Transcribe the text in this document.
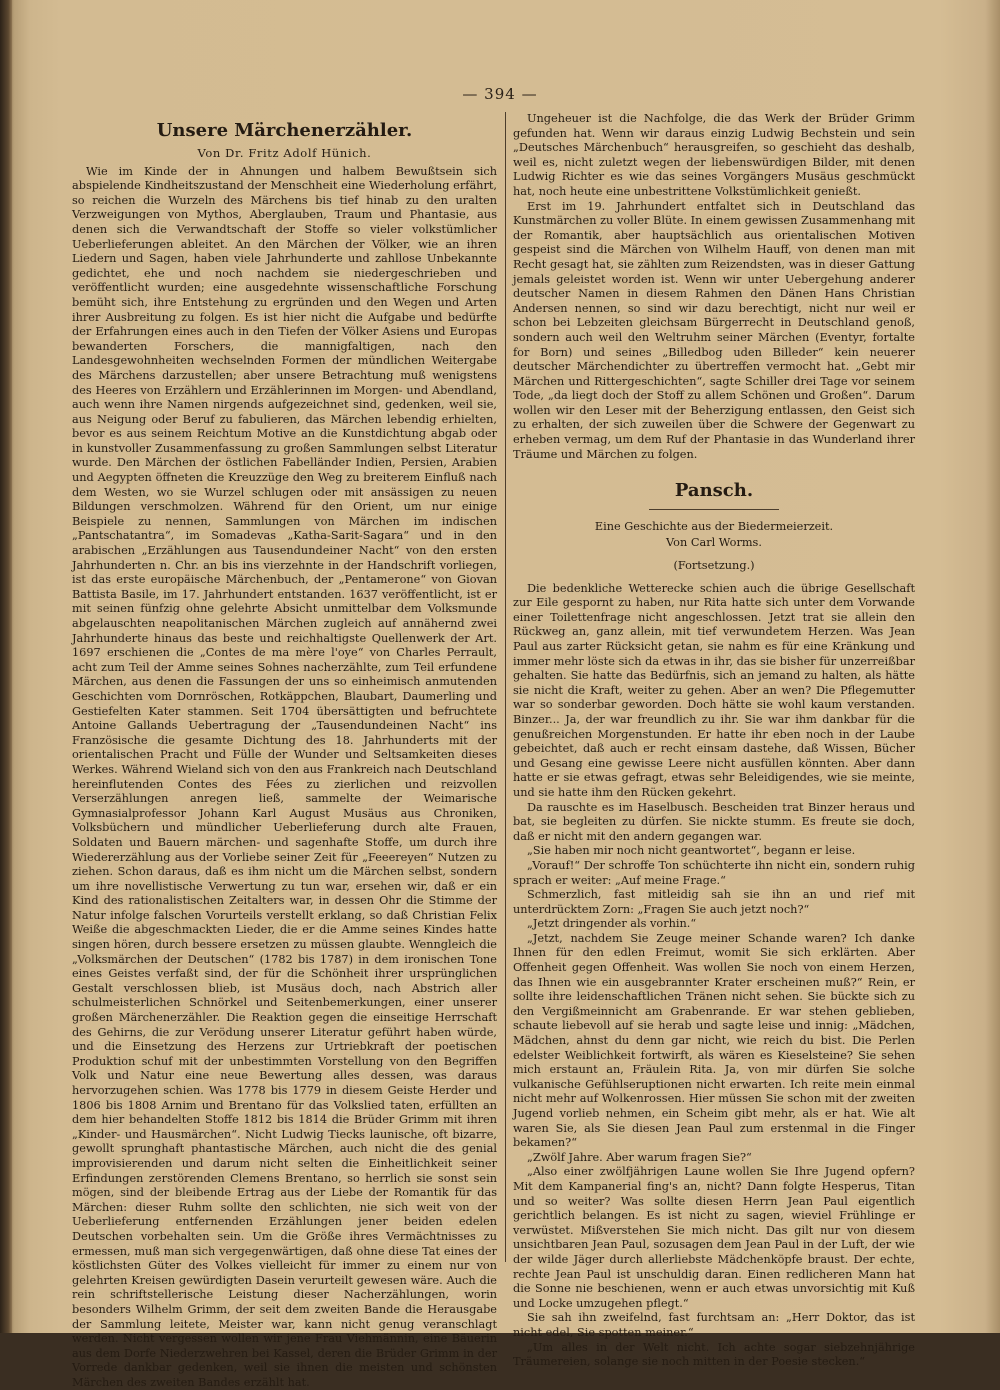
— 394 —
Unsere Märchenerzähler.
Von Dr. Fritz Adolf Hünich.

Wie im Kinde der in Ahnungen und halbem Bewußtsein sich abspielende Kindheitszustand der Menschheit eine Wiederholung erfährt, so reichen die Wurzeln des Märchens bis tief hinab zu den uralten Verzweigungen von Mythos, Aberglauben, Traum und Phantasie, aus denen sich die Verwandtschaft der Stoffe so vieler volkstümlicher Ueberlieferungen ableitet. An den Märchen der Völker, wie an ihren Liedern und Sagen, haben viele Jahrhunderte und zahllose Unbekannte gedichtet, ehe und noch nachdem sie niedergeschrieben und veröffentlicht wurden; eine ausgedehnte wissenschaftliche Forschung bemüht sich, ihre Entstehung zu ergründen und den Wegen und Arten ihrer Ausbreitung zu folgen. Es ist hier nicht die Aufgabe und bedürfte der Erfahrungen eines auch in den Tiefen der Völker Asiens und Europas bewanderten Forschers, die mannigfaltigen, nach den Landesgewohnheiten wechselnden Formen der mündlichen Weitergabe des Märchens darzustellen; aber unsere Betrachtung muß wenigstens des Heeres von Erzählern und Erzählerinnen im Morgen- und Abendland, auch wenn ihre Namen nirgends aufgezeichnet sind, gedenken, weil sie, aus Neigung oder Beruf zu fabulieren, das Märchen lebendig erhielten, bevor es aus seinem Reichtum Motive an die Kunstdichtung abgab oder in kunstvoller Zusammenfassung zu großen Sammlungen selbst Literatur wurde. Den Märchen der östlichen Fabelländer Indien, Persien, Arabien und Aegypten öffneten die Kreuzzüge den Weg zu breiterem Einfluß nach dem Westen, wo sie Wurzel schlugen oder mit ansässigen zu neuen Bildungen verschmolzen. Während für den Orient, um nur einige Beispiele zu nennen, Sammlungen von Märchen im indischen „Pantschatantra“, im Somadevas „Katha-Sarit-Sagara“ und in den arabischen „Erzählungen aus Tausendundeiner Nacht“ von den ersten Jahrhunderten n. Chr. an bis ins vierzehnte in der Handschrift vorliegen, ist das erste europäische Märchenbuch, der „Pentamerone“ von Giovan Battista Basile, im 17. Jahrhundert entstanden. 1637 veröffentlicht, ist er mit seinen fünfzig ohne gelehrte Absicht unmittelbar dem Volksmunde abgelauschten neapolitanischen Märchen zugleich auf annähernd zwei Jahrhunderte hinaus das beste und reichhaltigste Quellenwerk der Art. 1697 erschienen die „Contes de ma mère l'oye“ von Charles Perrault, acht zum Teil der Amme seines Sohnes nacherzählte, zum Teil erfundene Märchen, aus denen die Fassungen der uns so einheimisch anmutenden Geschichten vom Dornröschen, Rotkäppchen, Blaubart, Daumerling und Gestiefelten Kater stammen. Seit 1704 übersättigten und befruchtete Antoine Gallands Uebertragung der „Tausendundeinen Nacht“ ins Französische die gesamte Dichtung des 18. Jahrhunderts mit der orientalischen Pracht und Fülle der Wunder und Seltsamkeiten dieses Werkes. Während Wieland sich von den aus Frankreich nach Deutschland hereinflutenden Contes des Fées zu zierlichen und reizvollen Verserzählungen anregen ließ, sammelte der Weimarische Gymnasialprofessor Johann Karl August Musäus aus Chroniken, Volksbüchern und mündlicher Ueberlieferung durch alte Frauen, Soldaten und Bauern märchen- und sagenhafte Stoffe, um durch ihre Wiedererzählung aus der Vorliebe seiner Zeit für „Feeereyen“ Nutzen zu ziehen. Schon daraus, daß es ihm nicht um die Märchen selbst, sondern um ihre novellistische Verwertung zu tun war, ersehen wir, daß er ein Kind des rationalistischen Zeitalters war, in dessen Ohr die Stimme der Natur infolge falschen Vorurteils verstellt erklang, so daß Christian Felix Weiße die abgeschmackten Lieder, die er die Amme seines Kindes hatte singen hören, durch bessere ersetzen zu müssen glaubte. Wenngleich die „Volksmärchen der Deutschen“ (1782 bis 1787) in dem ironischen Tone eines Geistes verfaßt sind, der für die Schönheit ihrer ursprünglichen Gestalt verschlossen blieb, ist Musäus doch, nach Abstrich aller schulmeisterlichen Schnörkel und Seitenbemerkungen, einer unserer großen Märchenerzähler. Die Reaktion gegen die einseitige Herrschaft des Gehirns, die zur Verödung unserer Literatur geführt haben würde, und die Einsetzung des Herzens zur Urtriebkraft der poetischen Produktion schuf mit der unbestimmten Vorstellung von den Begriffen Volk und Natur eine neue Bewertung alles dessen, was daraus hervorzugehen schien. Was 1778 bis 1779 in diesem Geiste Herder und 1806 bis 1808 Arnim und Brentano für das Volkslied taten, erfüllten an dem hier behandelten Stoffe 1812 bis 1814 die Brüder Grimm mit ihren „Kinder- und Hausmärchen“. Nicht Ludwig Tiecks launische, oft bizarre, gewollt sprunghaft phantastische Märchen, auch nicht die des genial improvisierenden und darum nicht selten die Einheitlichkeit seiner Erfindungen zerstörenden Clemens Brentano, so herrlich sie sonst sein mögen, sind der bleibende Ertrag aus der Liebe der Romantik für das Märchen: dieser Ruhm sollte den schlichten, nie sich weit von der Ueberlieferung entfernenden Erzählungen jener beiden edelen Deutschen vorbehalten sein. Um die Größe ihres Vermächtnisses zu ermessen, muß man sich vergegenwärtigen, daß ohne diese Tat eines der köstlichsten Güter des Volkes vielleicht für immer zu einem nur von gelehrten Kreisen gewürdigten Dasein verurteilt gewesen wäre. Auch die rein schriftstellerische Leistung dieser Nacherzählungen, worin besonders Wilhelm Grimm, der seit dem zweiten Bande die Herausgabe der Sammlung leitete, Meister war, kann nicht genug veranschlagt werden. Nicht vergessen wollen wir jene Frau Viehmännin, eine Bäuerin aus dem Dorfe Niederzwehren bei Kassel, deren die Brüder Grimm in der Vorrede dankbar gedenken, weil sie ihnen die meisten und schönsten Märchen des zweiten Bandes erzählt hat.

Ungeheuer ist die Nachfolge, die das Werk der Brüder Grimm gefunden hat. Wenn wir daraus einzig Ludwig Bechstein und sein „Deutsches Märchenbuch“ herausgreifen, so geschieht das deshalb, weil es, nicht zuletzt wegen der liebenswürdigen Bilder, mit denen Ludwig Richter es wie das seines Vorgängers Musäus geschmückt hat, noch heute eine unbestrittene Volkstümlichkeit genießt.

Erst im 19. Jahrhundert entfaltet sich in Deutschland das Kunstmärchen zu voller Blüte. In einem gewissen Zusammenhang mit der Romantik, aber hauptsächlich aus orientalischen Motiven gespeist sind die Märchen von Wilhelm Hauff, von denen man mit Recht gesagt hat, sie zählten zum Reizendsten, was in dieser Gattung jemals geleistet worden ist. Wenn wir unter Uebergehung anderer deutscher Namen in diesem Rahmen den Dänen Hans Christian Andersen nennen, so sind wir dazu berechtigt, nicht nur weil er schon bei Lebzeiten gleichsam Bürgerrecht in Deutschland genoß, sondern auch weil den Weltruhm seiner Märchen (Eventyr, fortalte for Born) und seines „Billedbog uden Billeder“ kein neuerer deutscher Märchendichter zu übertreffen vermocht hat. „Gebt mir Märchen und Rittergeschichten“, sagte Schiller drei Tage vor seinem Tode, „da liegt doch der Stoff zu allem Schönen und Großen“. Darum wollen wir den Leser mit der Beherzigung entlassen, den Geist sich zu erhalten, der sich zuweilen über die Schwere der Gegenwart zu erheben vermag, um dem Ruf der Phantasie in das Wunderland ihrer Träume und Märchen zu folgen.

Pansch.
Eine Geschichte aus der Biedermeierzeit.
Von Carl Worms.
(Fortsetzung.)

Die bedenkliche Wetterecke schien auch die übrige Gesellschaft zur Eile gespornt zu haben, nur Rita hatte sich unter dem Vorwande einer Toilettenfrage nicht angeschlossen. Jetzt trat sie allein den Rückweg an, ganz allein, mit tief verwundetem Herzen. Was Jean Paul aus zarter Rücksicht getan, sie nahm es für eine Kränkung und immer mehr löste sich da etwas in ihr, das sie bisher für unzerreißbar gehalten. Sie hatte das Bedürfnis, sich an jemand zu halten, als hätte sie nicht die Kraft, weiter zu gehen. Aber an wen? Die Pflegemutter war so sonderbar geworden. Doch hätte sie wohl kaum verstanden. Binzer... Ja, der war freundlich zu ihr. Sie war ihm dankbar für die genußreichen Morgenstunden. Er hatte ihr eben noch in der Laube gebeichtet, daß auch er recht einsam dastehe, daß Wissen, Bücher und Gesang eine gewisse Leere nicht ausfüllen könnten. Aber dann hatte er sie etwas gefragt, etwas sehr Beleidigendes, wie sie meinte, und sie hatte ihm den Rücken gekehrt.

Da rauschte es im Haselbusch. Bescheiden trat Binzer heraus und bat, sie begleiten zu dürfen. Sie nickte stumm. Es freute sie doch, daß er nicht mit den andern gegangen war.

„Sie haben mir noch nicht geantwortet“, begann er leise.

„Vorauf!“ Der schroffe Ton schüchterte ihn nicht ein, sondern ruhig sprach er weiter: „Auf meine Frage.“

Schmerzlich, fast mitleidig sah sie ihn an und rief mit unterdrücktem Zorn: „Fragen Sie auch jetzt noch?“

„Jetzt dringender als vorhin.“

„Jetzt, nachdem Sie Zeuge meiner Schande waren? Ich danke Ihnen für den edlen Freimut, womit Sie sich erklärten. Aber Offenheit gegen Offenheit. Was wollen Sie noch von einem Herzen, das Ihnen wie ein ausgebrannter Krater erscheinen muß?“ Rein, er sollte ihre leidenschaftlichen Tränen nicht sehen. Sie bückte sich zu den Vergißmeinnicht am Grabenrande. Er war stehen geblieben, schaute liebevoll auf sie herab und sagte leise und innig: „Mädchen, Mädchen, ahnst du denn gar nicht, wie reich du bist. Die Perlen edelster Weiblichkeit fortwirft, als wären es Kieselsteine? Sie sehen mich erstaunt an, Fräulein Rita. Ja, von mir dürfen Sie solche vulkanische Gefühlseruptionen nicht erwarten. Ich reite mein einmal nicht mehr auf Wolkenrossen. Hier müssen Sie schon mit der zweiten Jugend vorlieb nehmen, ein Scheim gibt mehr, als er hat. Wie alt waren Sie, als Sie diesen Jean Paul zum erstenmal in die Finger bekamen?“

„Zwölf Jahre. Aber warum fragen Sie?“

„Also einer zwölfjährigen Laune wollen Sie Ihre Jugend opfern? Mit dem Kampanerial fing's an, nicht? Dann folgte Hesperus, Titan und so weiter? Was sollte diesen Herrn Jean Paul eigentlich gerichtlich belangen. Es ist nicht zu sagen, wieviel Frühlinge er verwüstet. Mißverstehen Sie mich nicht. Das gilt nur von diesem unsichtbaren Jean Paul, sozusagen dem Jean Paul in der Luft, der wie der wilde Jäger durch allerliebste Mädchenköpfe braust. Der echte, rechte Jean Paul ist unschuldig daran. Einen redlicheren Mann hat die Sonne nie beschienen, wenn er auch etwas unvorsichtig mit Kuß und Locke umzugehen pflegt.“

Sie sah ihn zweifelnd, fast furchtsam an: „Herr Doktor, das ist nicht edel, Sie spotten meiner.“

„Um alles in der Welt nicht. Ich achte sogar siebzehnjährige Träumereien, solange sie noch mitten in der Poesie stecken.“
